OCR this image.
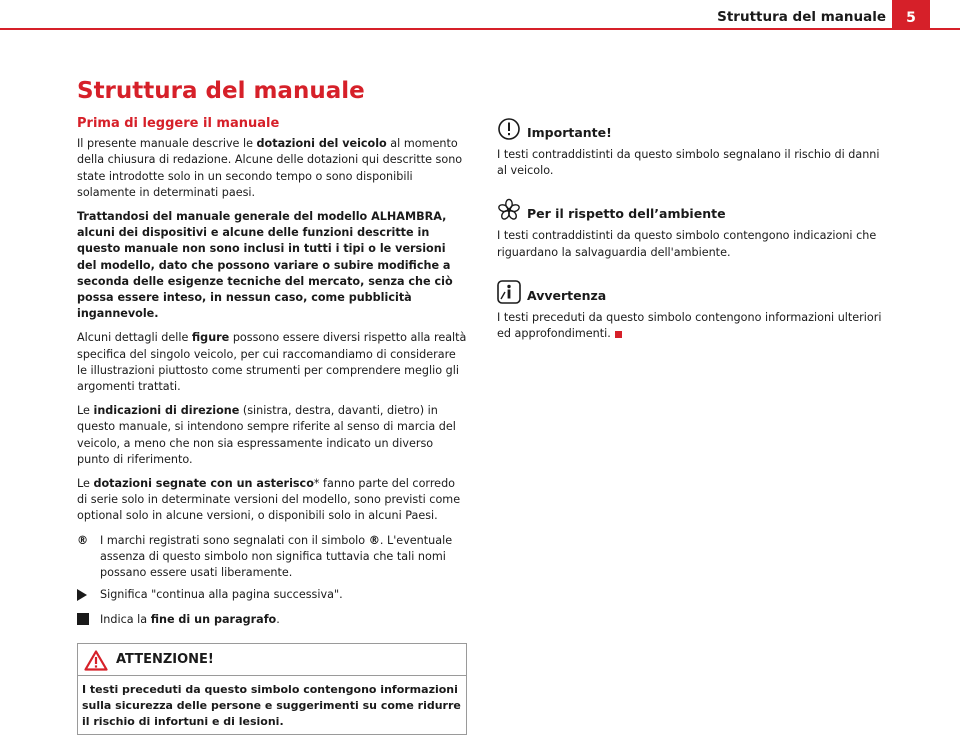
Struttura del manuale	5
Struttura del manuale
Prima di leggere il manuale

Il presente manuale descrive le dotazioni del veicolo al momento della chiusura di redazione. Alcune delle dotazioni qui descritte sono state introdotte solo in un secondo tempo o sono disponibili solamente in determinati paesi.

Trattandosi del manuale generale del modello ALHAMBRA, alcuni dei dispositivi e alcune delle funzioni descritte in questo manuale non sono inclusi in tutti i tipi o le versioni del modello, dato che possono variare o subire modifiche a seconda delle esigenze tecniche del mercato, senza che ciò possa essere inteso, in nessun caso, come pubblicità ingannevole.

Alcuni dettagli delle figure possono essere diversi rispetto alla realtà specifica del singolo veicolo, per cui raccomandiamo di considerare le illustrazioni piuttosto come strumenti per comprendere meglio gli argomenti trattati.

Le indicazioni di direzione (sinistra, destra, davanti, dietro) in questo manuale, si intendono sempre riferite al senso di marcia del veicolo, a meno che non sia espressamente indicato un diverso punto di riferimento.

Le dotazioni segnate con un asterisco* fanno parte del corredo di serie solo in determinate versioni del modello, sono previsti come optional solo in alcune versioni, o disponibili solo in alcuni Paesi.

®	I marchi registrati sono segnalati con il simbolo ®. L'eventuale assenza di questo simbolo non significa tuttavia che tali nomi possano essere usati liberamente.
Significa "continua alla pagina successiva".
Indica la fine di un paragrafo.
ATTENZIONE!
I testi preceduti da questo simbolo contengono informazioni sulla sicurezza delle persone e suggerimenti su come ridurre il rischio di infortuni e di lesioni.
Importante!
I testi contraddistinti da questo simbolo segnalano il rischio di danni al veicolo.
Per il rispetto dell’ambiente
I testi contraddistinti da questo simbolo contengono indicazioni che riguardano la salvaguardia dell'ambiente.
Avvertenza
I testi preceduti da questo simbolo contengono informazioni ulteriori ed approfondimenti.
